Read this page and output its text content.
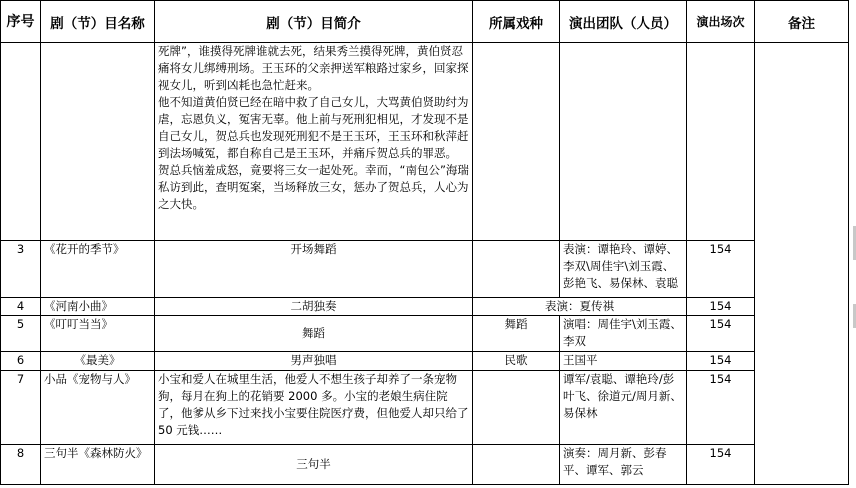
序号	剧（节）目名称	剧（节）目简介	所属戏种	演出团队（人员）	演出场次	备注

		死牌”，谁摸得死牌谁就去死，结果秀兰摸得死牌，黄伯贤忍痛将女儿绑缚刑场。王玉环的父亲押送军粮路过家乡，回家探视女儿，听到凶耗也急忙赶来。
他不知道黄伯贤已经在暗中救了自己女儿，大骂黄伯贤助纣为虐，忘恩负义，冤害无辜。他上前与死刑犯相见，才发现不是自己女儿，贺总兵也发现死刑犯不是王玉环，王玉环和秋萍赶到法场喊冤，都自称自己是王玉环，并痛斥贺总兵的罪恶。
贺总兵恼羞成怒，竟要将三女一起处死。幸而，“南包公”海瑞私访到此，查明冤案，当场释放三女，惩办了贺总兵，人心为之大快。				

3	《花开的季节》	开场舞蹈		表演：谭艳玲、谭婷、李双\周佳宇\刘玉霞、彭艳飞、易保林、袁聪	154	
4	《河南小曲》	二胡独奏	表演：夏传祺		154	
5	《叮叮当当》	舞蹈	舞蹈	演唱：周佳宇\刘玉霞、李双	154	
6	《最美》	男声独唱	民歌	王国平	154	
7	小品《宠物与人》	小宝和爱人在城里生活，他爱人不想生孩子却养了一条宠物狗，每月在狗上的花销要 2000 多。小宝的老娘生病住院了，他爹从乡下过来找小宝要住院医疗费，但他爱人却只给了 50 元钱……		谭军/袁聪、谭艳玲/彭叶飞、徐道元/周月新、易保林	154	
8	三句半《森林防火》	三句半		演奏：周月新、彭春平、谭军、郭云	154	
